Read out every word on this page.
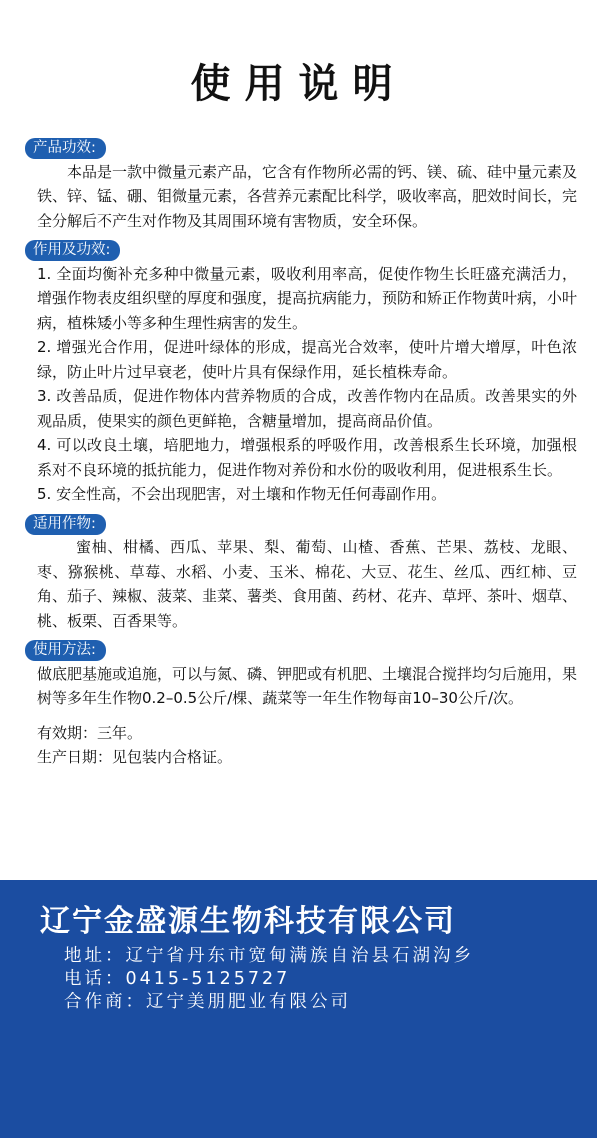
使用说明
产品功效:

本品是一款中微量元素产品，它含有作物所必需的钙、镁、硫、硅中量元素及铁、锌、锰、硼、钼微量元素，各营养元素配比科学，吸收率高，肥效时间长，完全分解后不产生对作物及其周围环境有害物质，安全环保。

作用及功效:

1. 全面均衡补充多种中微量元素，吸收利用率高，促使作物生长旺盛充满活力，增强作物表皮组织壁的厚度和强度，提高抗病能力，预防和矫正作物黄叶病，小叶病，植株矮小等多种生理性病害的发生。

2. 增强光合作用，促进叶绿体的形成，提高光合效率，使叶片增大增厚，叶色浓绿，防止叶片过早衰老，使叶片具有保绿作用，延长植株寿命。

3. 改善品质，促进作物体内营养物质的合成，改善作物内在品质。改善果实的外观品质，使果实的颜色更鲜艳，含糖量增加，提高商品价值。

4. 可以改良土壤，培肥地力，增强根系的呼吸作用，改善根系生长环境，加强根系对不良环境的抵抗能力，促进作物对养份和水份的吸收利用，促进根系生长。

5. 安全性高，不会出现肥害，对土壤和作物无任何毒副作用。

适用作物:

蜜柚、柑橘、西瓜、苹果、梨、葡萄、山楂、香蕉、芒果、荔枝、龙眼、枣、猕猴桃、草莓、水稻、小麦、玉米、棉花、大豆、花生、丝瓜、西红柿、豆角、茄子、辣椒、菠菜、韭菜、薯类、食用菌、药材、花卉、草坪、茶叶、烟草、桃、板栗、百香果等。

使用方法:

做底肥基施或追施，可以与氮、磷、钾肥或有机肥、土壤混合搅拌均匀后施用，果树等多年生作物0.2–0.5公斤/棵、蔬菜等一年生作物每亩10–30公斤/次。

有效期：三年。

生产日期：见包装内合格证。

辽宁金盛源生物科技有限公司
地址：辽宁省丹东市宽甸满族自治县石湖沟乡
电话：0415-5125727
合作商：辽宁美朋肥业有限公司
